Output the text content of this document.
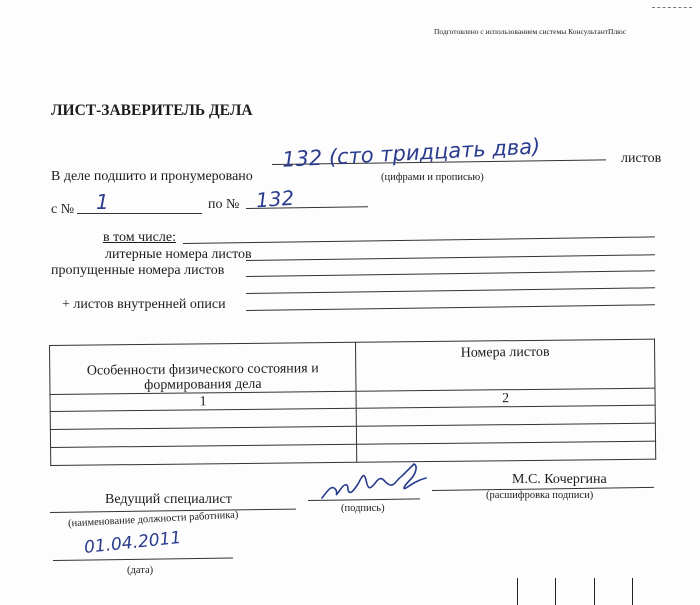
Подготовлено с использованием системы КонсультантПлюс
ЛИСТ-ЗАВЕРИТЕЛЬ ДЕЛА
В деле подшито и пронумеровано
132 (сто тридцать два)	листов
(цифрами и прописью)
с № 1	по № 132
в том числе:
литерные номера листов
пропущенные номера листов
+ листов внутренней описи
Особенности физического состояния и формирования дела	Номера листов
1	2

Ведущий специалист
(наименование должности работника)
(подпись)
М.С. Кочергина
(расшифровка подписи)
01.04.2011
(дата)
